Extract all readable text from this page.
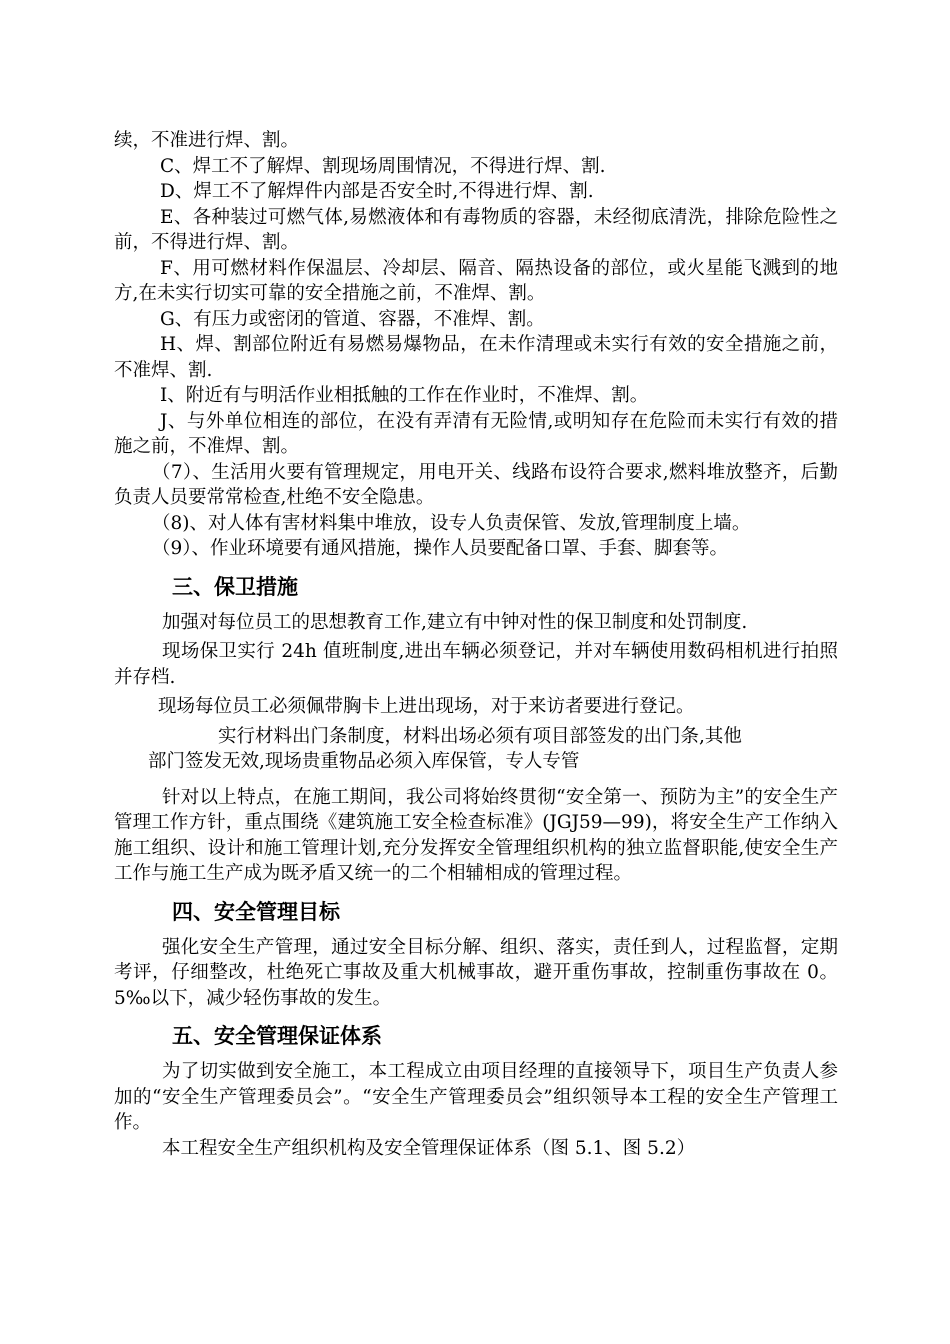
续，不准进行焊、割。

C、焊工不了解焊、割现场周围情况，不得进行焊、割.

D、焊工不了解焊件内部是否安全时,不得进行焊、割.

E、各种装过可燃气体,易燃液体和有毒物质的容器，未经彻底清洗，排除危险性之前，不得进行焊、割。

F、用可燃材料作保温层、冷却层、隔音、隔热设备的部位，或火星能飞溅到的地方,在未实行切实可靠的安全措施之前，不准焊、割。

G、有压力或密闭的管道、容器，不准焊、割。

H、焊、割部位附近有易燃易爆物品，在未作清理或未实行有效的安全措施之前，不准焊、割.

I、附近有与明活作业相抵触的工作在作业时，不准焊、割。

J、与外单位相连的部位，在没有弄清有无险情,或明知存在危险而未实行有效的措施之前，不准焊、割。

（7）、生活用火要有管理规定，用电开关、线路布设符合要求,燃料堆放整齐，后勤负责人员要常常检查,杜绝不安全隐患。

（8)、对人体有害材料集中堆放，设专人负责保管、发放,管理制度上墙。

（9）、作业环境要有通风措施，操作人员要配备口罩、手套、脚套等。

三、保卫措施

加强对每位员工的思想教育工作,建立有中钟对性的保卫制度和处罚制度.

现场保卫实行 24h 值班制度,进出车辆必须登记，并对车辆使用数码相机进行拍照并存档.

现场每位员工必须佩带胸卡上进出现场，对于来访者要进行登记。

实行材料出门条制度，材料出场必须有项目部签发的出门条,其他

部门签发无效,现场贵重物品必须入库保管，专人专管

针对以上特点，在施工期间，我公司将始终贯彻“安全第一、预防为主”的安全生产管理工作方针，重点围绕《建筑施工安全检查标准》(JGJ59—99)，将安全生产工作纳入施工组织、设计和施工管理计划,充分发挥安全管理组织机构的独立监督职能,使安全生产工作与施工生产成为既矛盾又统一的二个相辅相成的管理过程。

四、安全管理目标

强化安全生产管理，通过安全目标分解、组织、落实，责任到人，过程监督，定期考评，仔细整改，杜绝死亡事故及重大机械事故，避开重伤事故，控制重伤事故在 0。5‰以下，减少轻伤事故的发生。

五、安全管理保证体系

为了切实做到安全施工，本工程成立由项目经理的直接领导下，项目生产负责人参加的“安全生产管理委员会”。“安全生产管理委员会”组织领导本工程的安全生产管理工作。

本工程安全生产组织机构及安全管理保证体系（图 5.1、图 5.2）
